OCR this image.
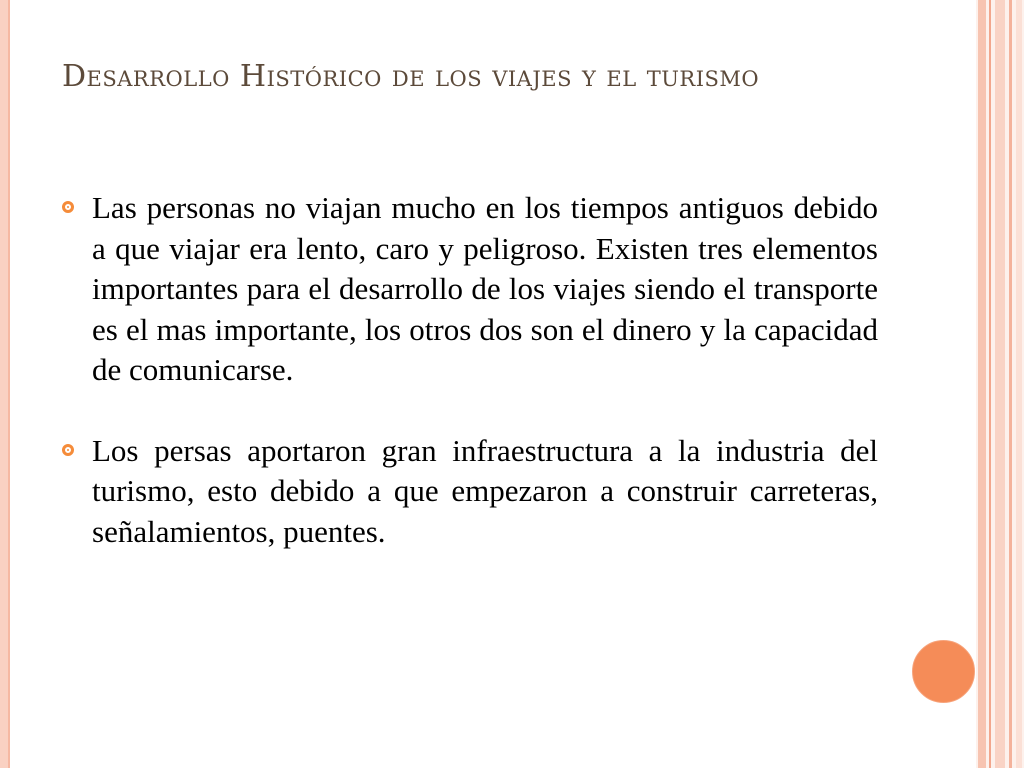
Desarrollo Histórico de los viajes y el turismo

Las personas no viajan mucho en los tiempos antiguos debido a que viajar era lento, caro y peligroso. Existen tres elementos importantes para el desarrollo de los viajes siendo el transporte es el mas importante, los otros dos son el dinero y la capacidad de comunicarse.

Los persas aportaron gran infraestructura a la industria del turismo, esto debido a que empezaron a construir carreteras, señalamientos, puentes.
